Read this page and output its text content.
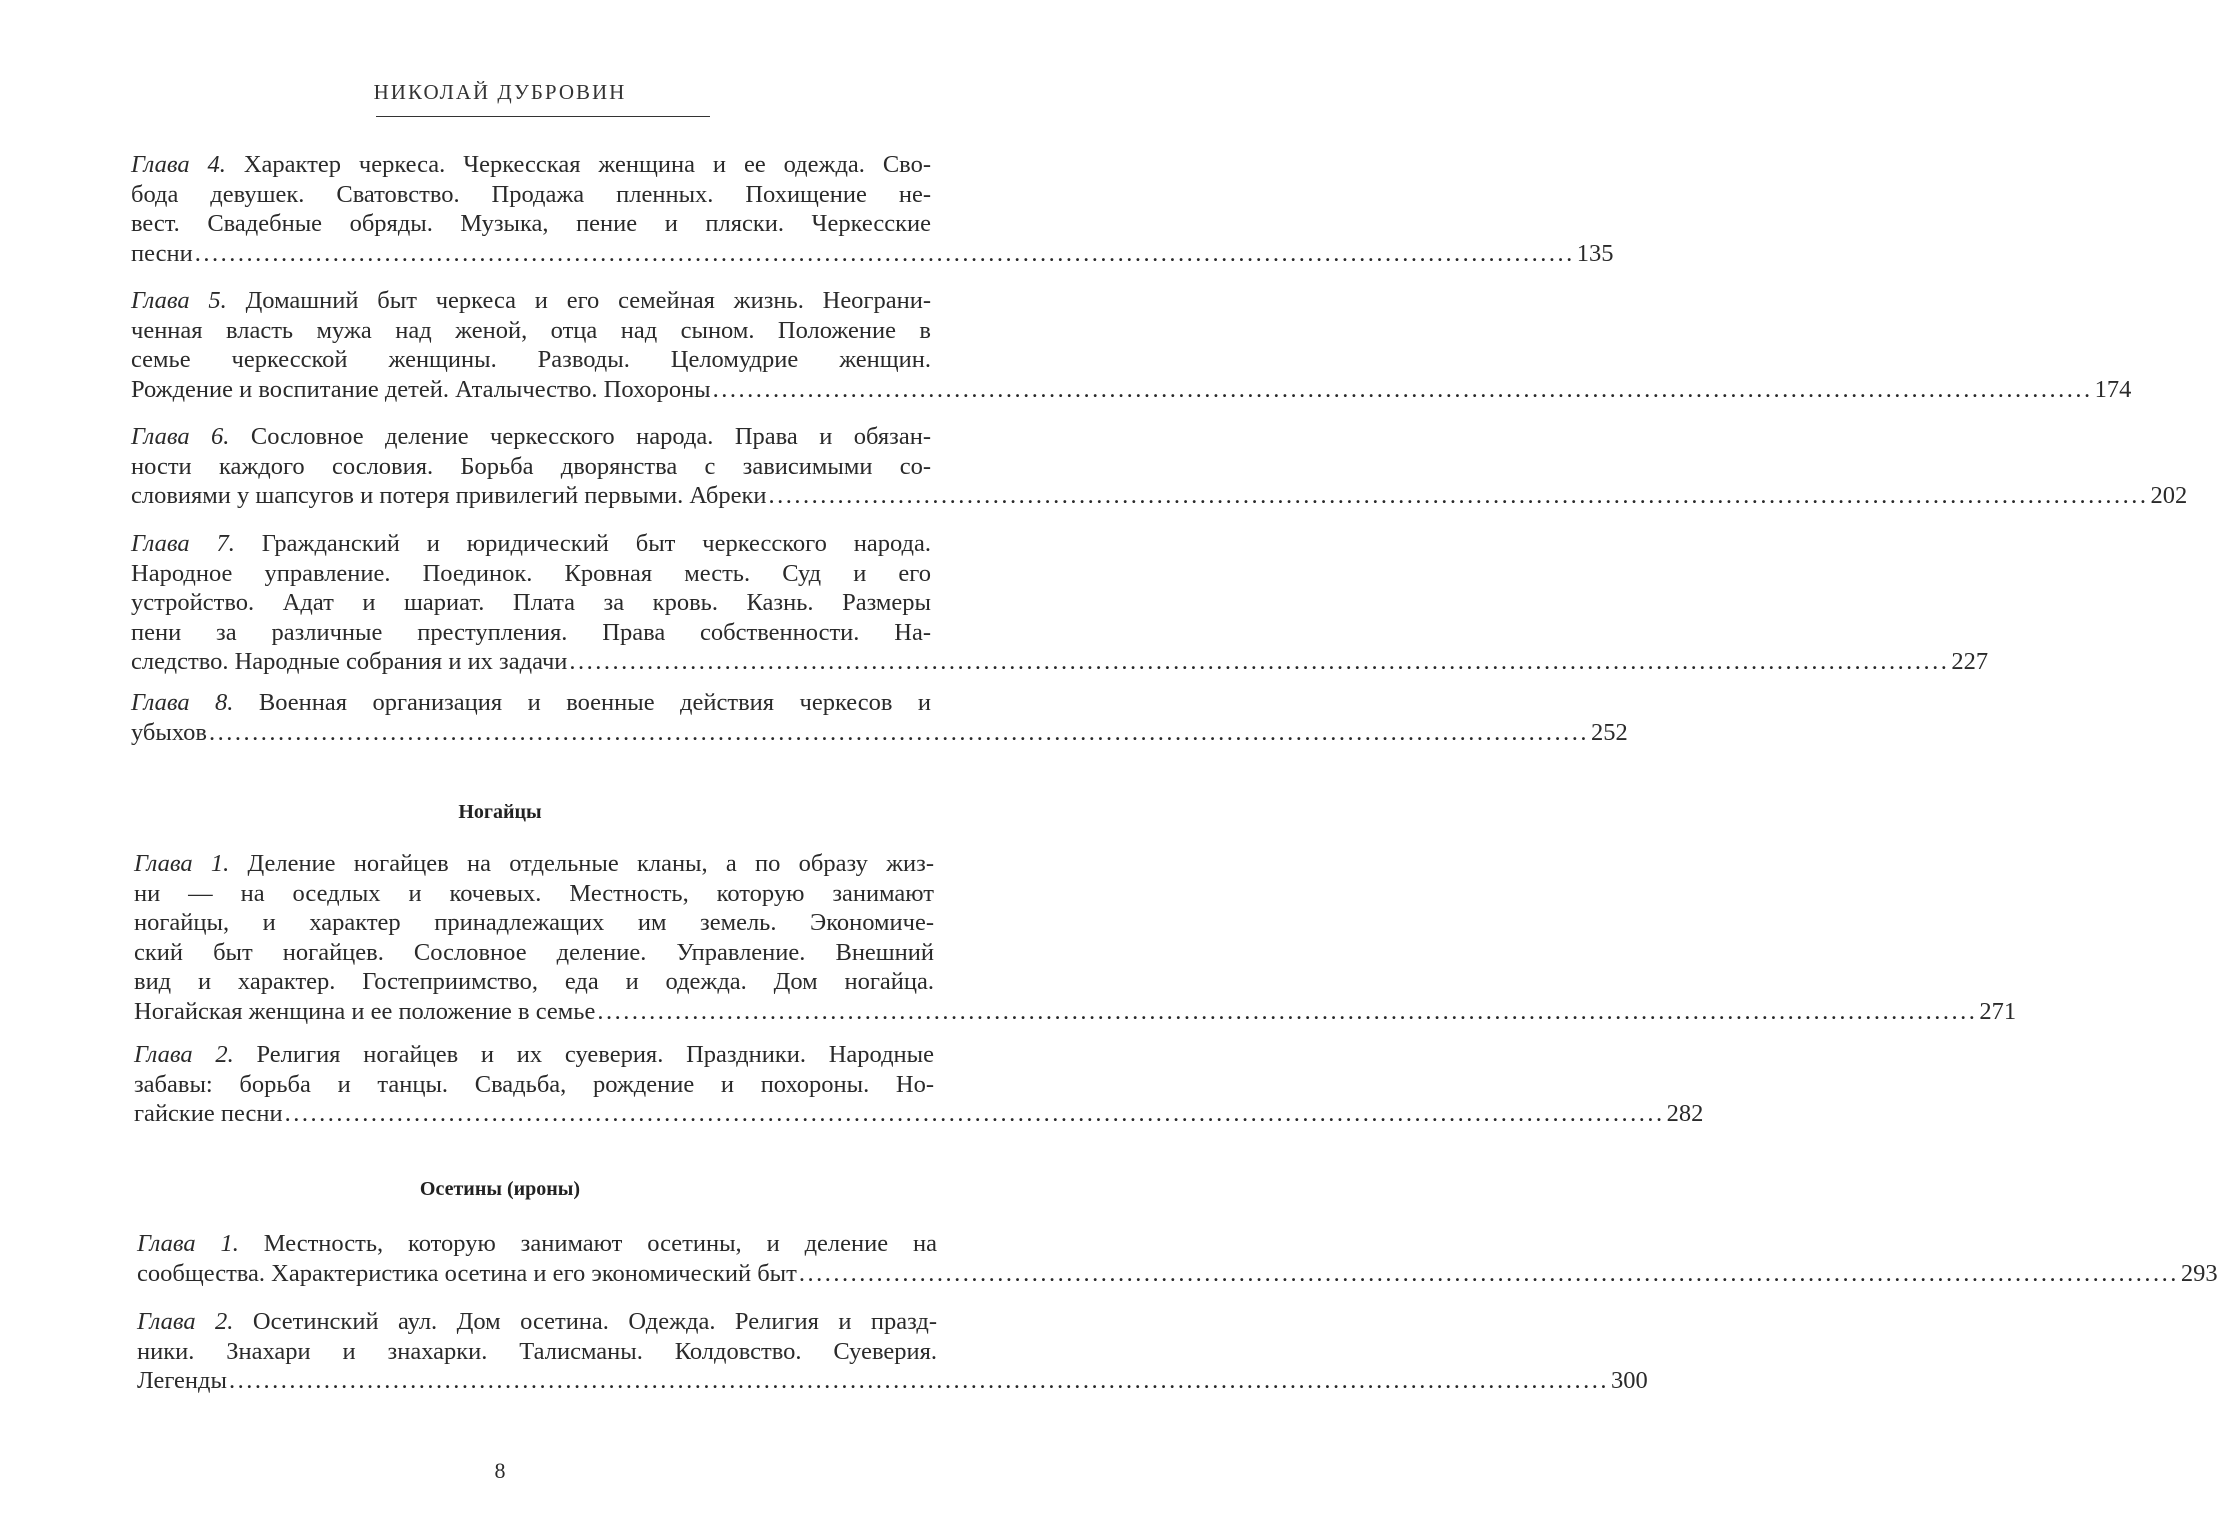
НИКОЛАЙ ДУБРОВИН
Глава 4. Характер черкеса. Черкесская женщина и ее одежда. Сво-
бода девушек. Сватовство. Продажа пленных. Похищение не-
вест. Свадебные обряды. Музыка, пение и пляски. Черкесские
песни ................................................................................................................................................................ 135
Глава 5. Домашний быт черкеса и его семейная жизнь. Неограни-
ченная власть мужа над женой, отца над сыном. Положение в
семье черкесской женщины. Разводы. Целомудрие женщин.
Рождение и воспитание детей. Аталычество. Похороны ................................................................................................................................................................ 174
Глава 6. Сословное деление черкесского народа. Права и обязан-
ности каждого сословия. Борьба дворянства с зависимыми со-
словиями у шапсугов и потеря привилегий первыми. Абреки ................................................................................................................................................................ 202
Глава 7. Гражданский и юридический быт черкесского народа.
Народное управление. Поединок. Кровная месть. Суд и его
устройство. Адат и шариат. Плата за кровь. Казнь. Размеры
пени за различные преступления. Права собственности. На-
следство. Народные собрания и их задачи ................................................................................................................................................................ 227
Глава 8. Военная организация и военные действия черкесов и
убыхов ................................................................................................................................................................ 252
Ногайцы
Глава 1. Деление ногайцев на отдельные кланы, а по образу жиз-
ни — на оседлых и кочевых. Местность, которую занимают
ногайцы, и характер принадлежащих им земель. Экономиче-
ский быт ногайцев. Сословное деление. Управление. Внешний
вид и характер. Гостеприимство, еда и одежда. Дом ногайца.
Ногайская женщина и ее положение в семье ................................................................................................................................................................ 271
Глава 2. Религия ногайцев и их суеверия. Праздники. Народные
забавы: борьба и танцы. Свадьба, рождение и похороны. Но-
гайские песни ................................................................................................................................................................ 282
Осетины (ироны)
Глава 1. Местность, которую занимают осетины, и деление на
сообщества. Характеристика осетина и его экономический быт ................................................................................................................................................................ 293
Глава 2. Осетинский аул. Дом осетина. Одежда. Религия и празд-
ники. Знахари и знахарки. Талисманы. Колдовство. Суеверия.
Легенды ................................................................................................................................................................ 300
8
